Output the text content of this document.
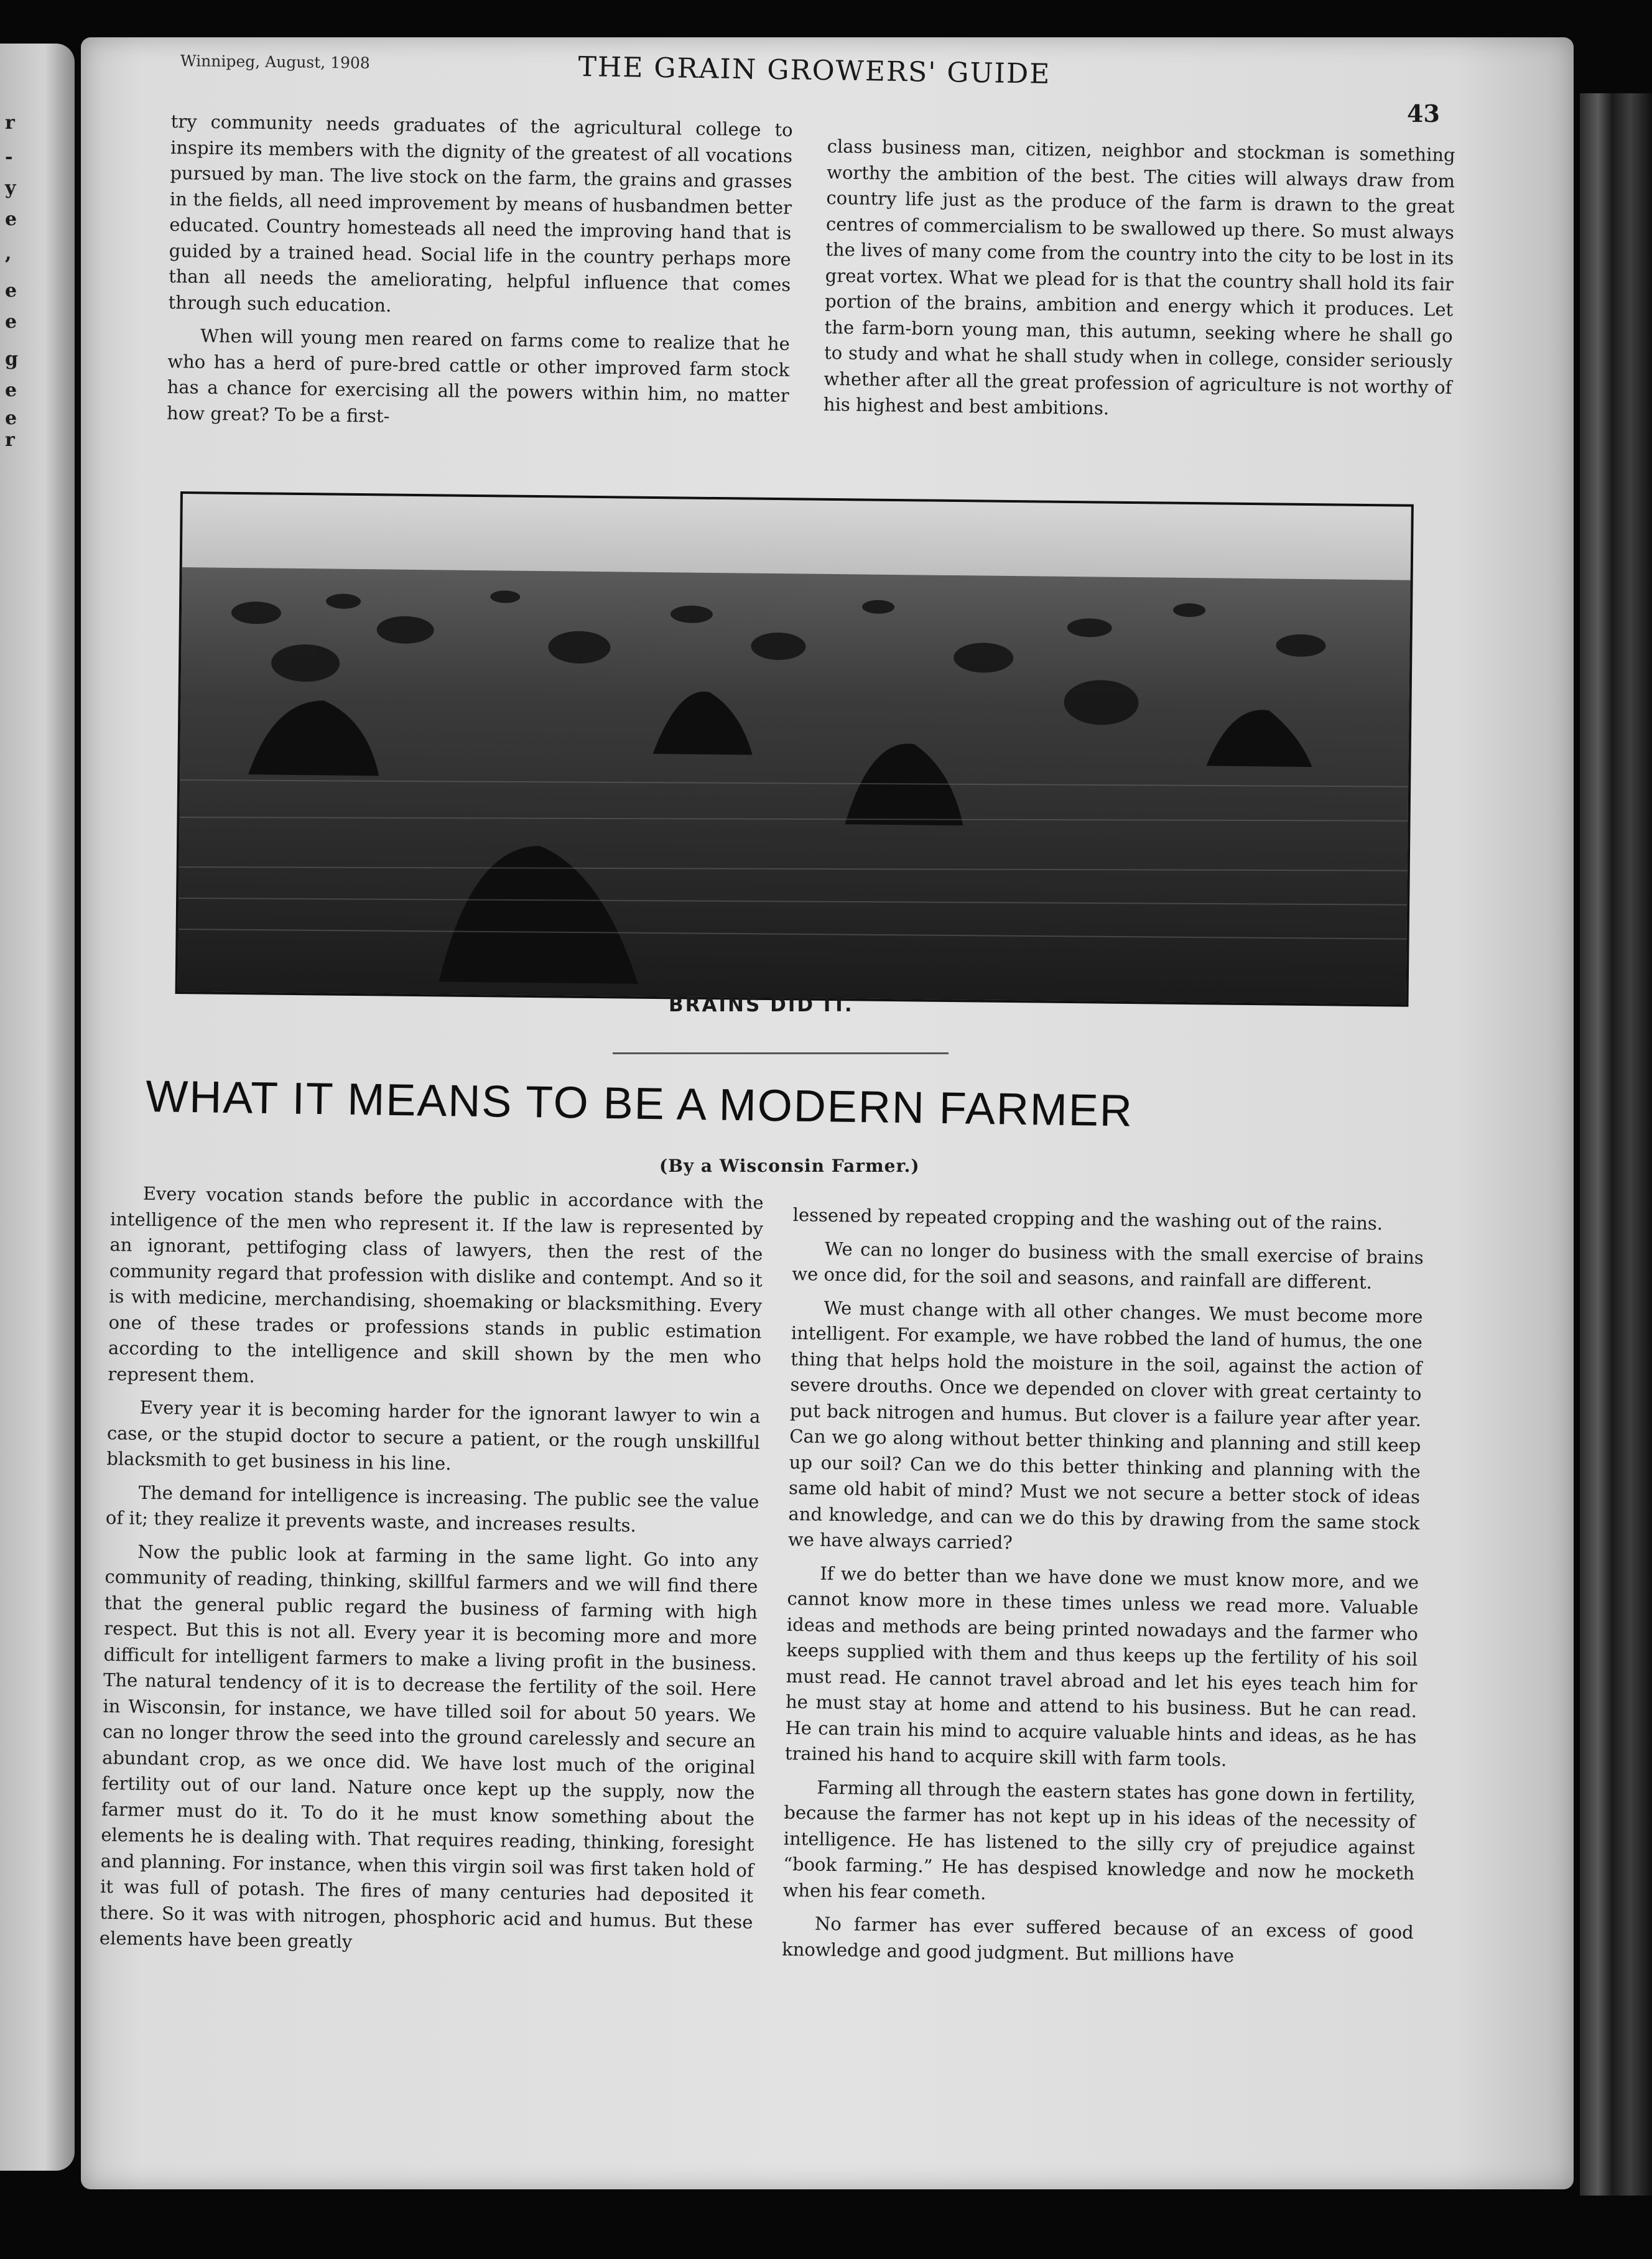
r
-
y
e
,
e
e
g
e
e
r
Winnipeg, August, 1908	THE GRAIN GROWERS' GUIDE
43

try community needs graduates of the agricultural college to inspire its members with the dignity of the greatest of all vocations pursued by man. The live stock on the farm, the grains and grasses in the fields, all need improvement by means of husbandmen better educated. Country homesteads all need the improving hand that is guided by a trained head. Social life in the country perhaps more than all needs the ameliorating, helpful influence that comes through such education.

When will young men reared on farms come to realize that he who has a herd of pure-bred cattle or other improved farm stock has a chance for exercising all the powers within him, no matter how great? To be a first-

class business man, citizen, neighbor and stockman is something worthy the ambition of the best. The cities will always draw from country life just as the produce of the farm is drawn to the great centres of commercialism to be swallowed up there. So must always the lives of many come from the country into the city to be lost in its great vortex. What we plead for is that the country shall hold its fair portion of the brains, ambition and energy which it produces. Let the farm-born young man, this autumn, seeking where he shall go to study and what he shall study when in college, consider seriously whether after all the great profession of agriculture is not worthy of his highest and best ambitions.

BRAINS DID IT.
WHAT IT MEANS TO BE A MODERN FARMER
(By a Wisconsin Farmer.)

Every vocation stands before the public in accordance with the intelligence of the men who represent it. If the law is represented by an ignorant, pettifoging class of lawyers, then the rest of the community regard that profession with dislike and contempt. And so it is with medicine, merchandising, shoemaking or blacksmithing. Every one of these trades or professions stands in public estimation according to the intelligence and skill shown by the men who represent them.

Every year it is becoming harder for the ignorant lawyer to win a case, or the stupid doctor to secure a patient, or the rough unskillful blacksmith to get business in his line.

The demand for intelligence is increasing. The public see the value of it; they realize it prevents waste, and increases results.

Now the public look at farming in the same light. Go into any community of reading, thinking, skillful farmers and we will find there that the general public regard the business of farming with high respect. But this is not all. Every year it is becoming more and more difficult for intelligent farmers to make a living profit in the business. The natural tendency of it is to decrease the fertility of the soil. Here in Wisconsin, for instance, we have tilled soil for about 50 years. We can no longer throw the seed into the ground carelessly and secure an abundant crop, as we once did. We have lost much of the original fertility out of our land. Nature once kept up the supply, now the farmer must do it. To do it he must know something about the elements he is dealing with. That requires reading, thinking, foresight and planning. For instance, when this virgin soil was first taken hold of it was full of potash. The fires of many centuries had deposited it there. So it was with nitrogen, phosphoric acid and humus. But these elements have been greatly

lessened by repeated cropping and the washing out of the rains.

We can no longer do business with the small exercise of brains we once did, for the soil and seasons, and rainfall are different.

We must change with all other changes. We must become more intelligent. For example, we have robbed the land of humus, the one thing that helps hold the moisture in the soil, against the action of severe drouths. Once we depended on clover with great certainty to put back nitrogen and humus. But clover is a failure year after year. Can we go along without better thinking and planning and still keep up our soil? Can we do this better thinking and planning with the same old habit of mind? Must we not secure a better stock of ideas and knowledge, and can we do this by drawing from the same stock we have always carried?

If we do better than we have done we must know more, and we cannot know more in these times unless we read more. Valuable ideas and methods are being printed nowadays and the farmer who keeps supplied with them and thus keeps up the fertility of his soil must read. He cannot travel abroad and let his eyes teach him for he must stay at home and attend to his business. But he can read. He can train his mind to acquire valuable hints and ideas, as he has trained his hand to acquire skill with farm tools.

Farming all through the eastern states has gone down in fertility, because the farmer has not kept up in his ideas of the necessity of intelligence. He has listened to the silly cry of prejudice against “book farming.” He has despised knowledge and now he mocketh when his fear cometh.

No farmer has ever suffered because of an excess of good knowledge and good judgment. But millions have
